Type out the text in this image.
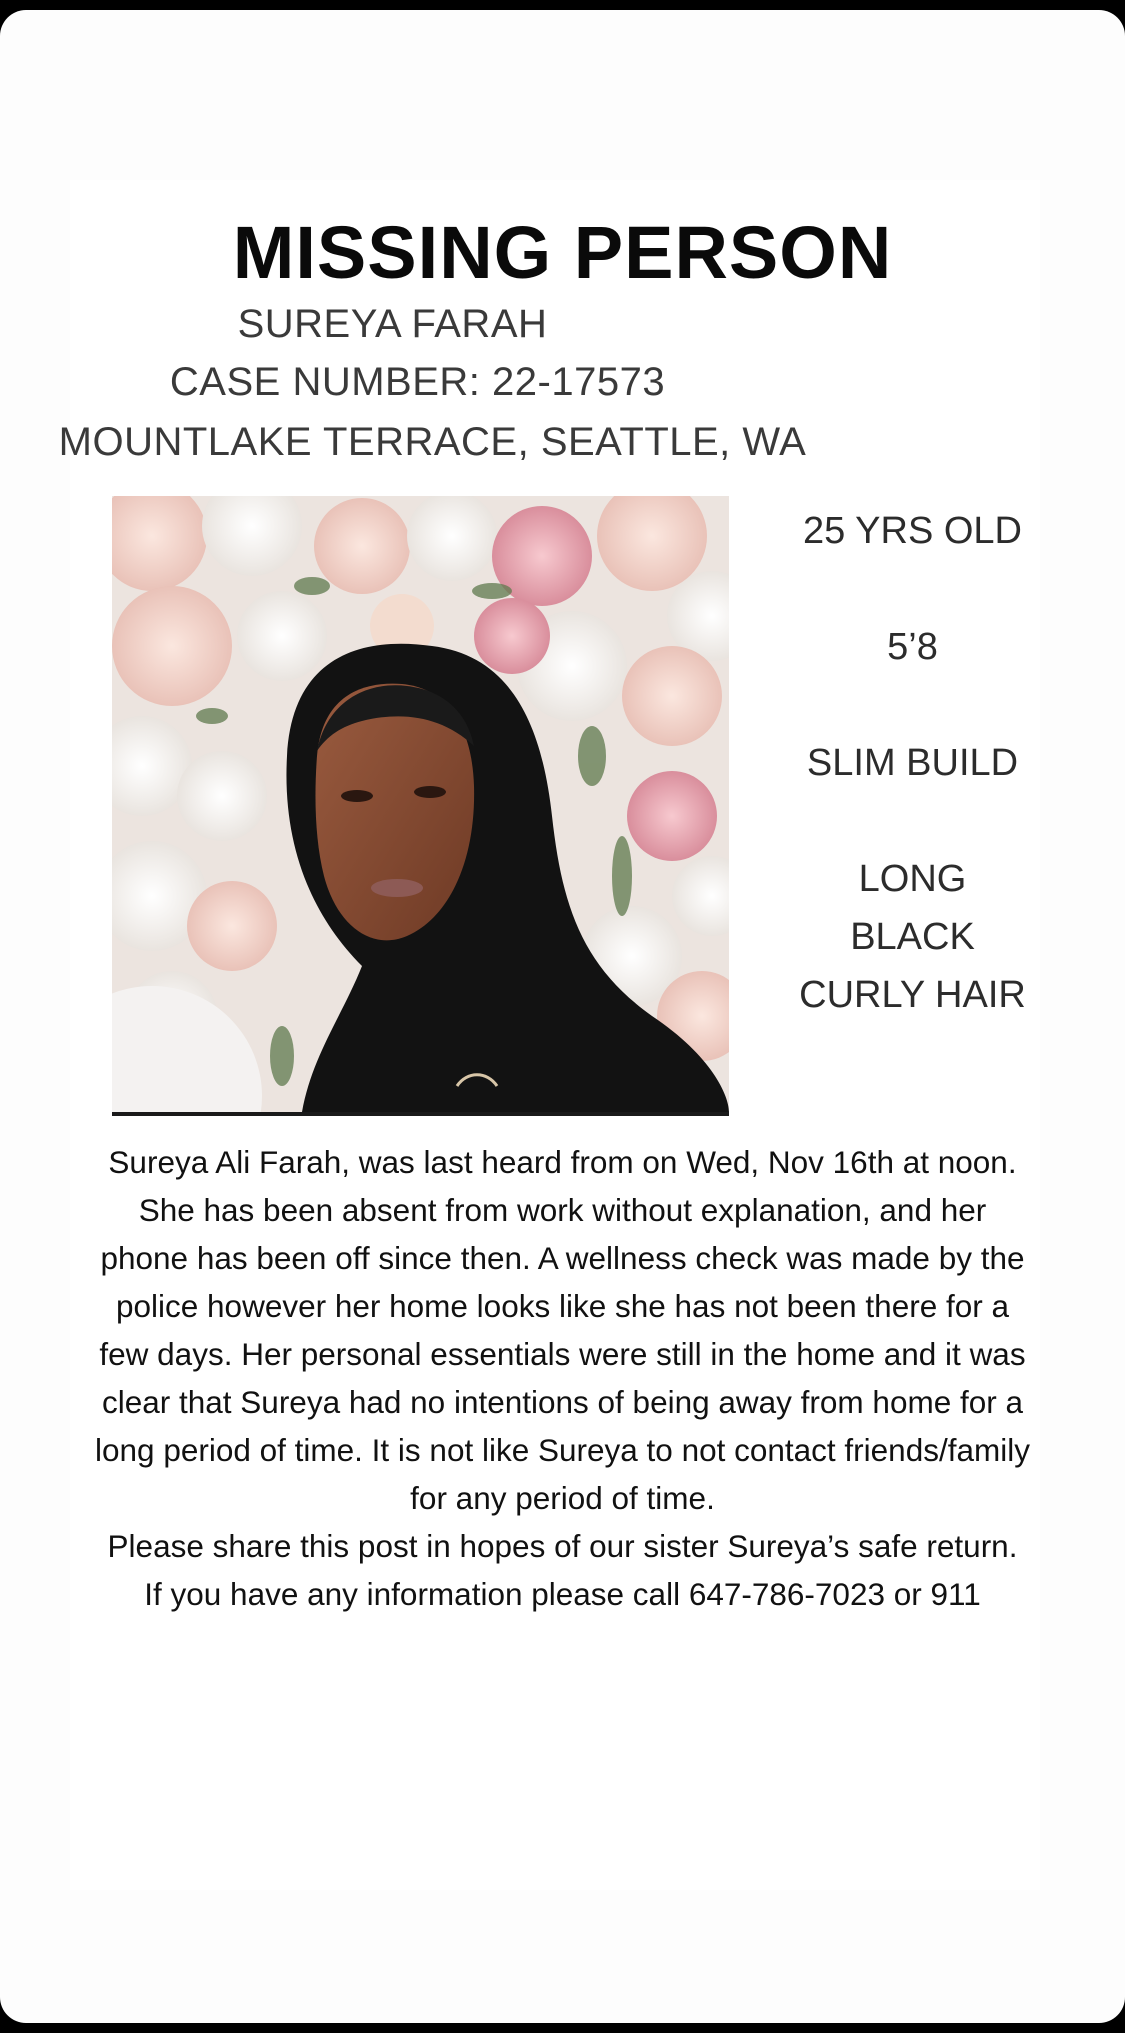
MISSING PERSON
SUREYA FARAH
CASE NUMBER: 22-17573
MOUNTLAKE TERRACE, SEATTLE, WA
25 YRS OLD
5’8
SLIM BUILD
LONG
BLACK
CURLY HAIR

Sureya Ali Farah, was last heard from on Wed, Nov 16th at noon. She has been absent from work without explanation, and her phone has been off since then. A wellness check was made by the police however her home looks like she has not been there for a few days. Her personal essentials were still in the home and it was clear that Sureya had no intentions of being away from home for a long period of time. It is not like Sureya to not contact friends/family for any period of time.

Please share this post in hopes of our sister Sureya’s safe return.

If you have any information please call 647-786-7023 or 911
